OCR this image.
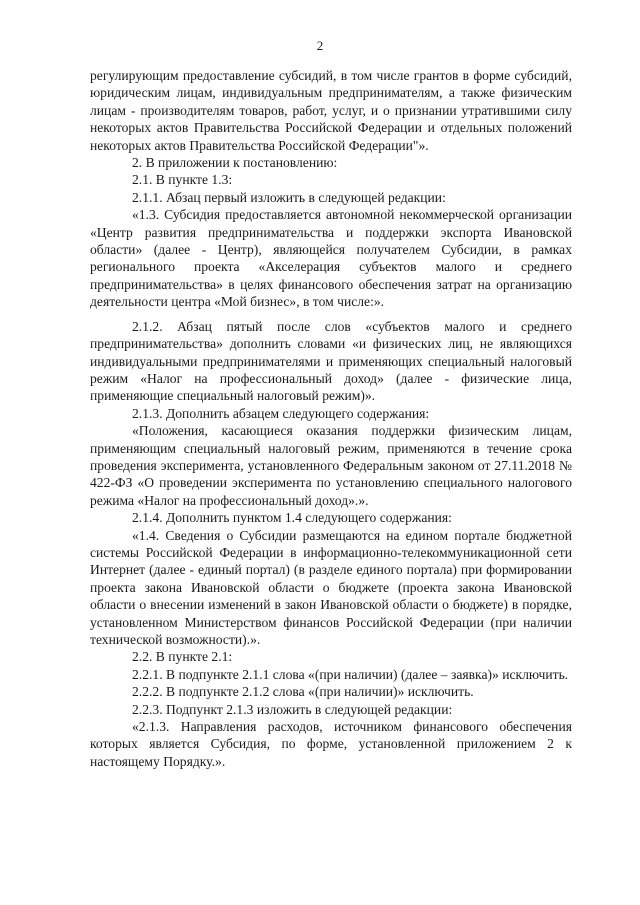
2

регулирующим предоставление субсидий, в том числе грантов в форме субсидий, юридическим лицам, индивидуальным предпринимателям, а также физическим лицам - производителям товаров, работ, услуг, и о признании утратившими силу некоторых актов Правительства Российской Федерации и отдельных положений некоторых актов Правительства Российской Федерации"».

2. В приложении к постановлению:

2.1. В пункте 1.3:

2.1.1. Абзац первый изложить в следующей редакции:

«1.3. Субсидия предоставляется автономной некоммерческой организации «Центр развития предпринимательства и поддержки экспорта Ивановской области» (далее - Центр), являющейся получателем Субсидии, в рамках регионального проекта «Акселерация субъектов малого и среднего предпринимательства» в целях финансового обеспечения затрат на организацию деятельности центра «Мой бизнес», в том числе:».

2.1.2. Абзац пятый после слов «субъектов малого и среднего предпринимательства» дополнить словами «и физических лиц, не являющихся индивидуальными предпринимателями и применяющих специальный налоговый режим «Налог на профессиональный доход» (далее - физические лица, применяющие специальный налоговый режим)».

2.1.3. Дополнить абзацем следующего содержания:

«Положения, касающиеся оказания поддержки физическим лицам, применяющим специальный налоговый режим, применяются в течение срока проведения эксперимента, установленного Федеральным законом от 27.11.2018 № 422-ФЗ «О проведении эксперимента по установлению специального налогового режима «Налог на профессиональный доход».».

2.1.4. Дополнить пунктом 1.4 следующего содержания:

«1.4. Сведения о Субсидии размещаются на едином портале бюджетной системы Российской Федерации в информационно-телекоммуникационной сети Интернет (далее - единый портал) (в разделе единого портала) при формировании проекта закона Ивановской области о бюджете (проекта закона Ивановской области о внесении изменений в закон Ивановской области о бюджете) в порядке, установленном Министерством финансов Российской Федерации (при наличии технической возможности).».

2.2. В пункте 2.1:

2.2.1. В подпункте 2.1.1 слова «(при наличии) (далее – заявка)» исключить.

2.2.2. В подпункте 2.1.2 слова «(при наличии)» исключить.

2.2.3. Подпункт 2.1.3 изложить в следующей редакции:

«2.1.3. Направления расходов, источником финансового обеспечения которых является Субсидия, по форме, установленной приложением 2 к настоящему Порядку.».
